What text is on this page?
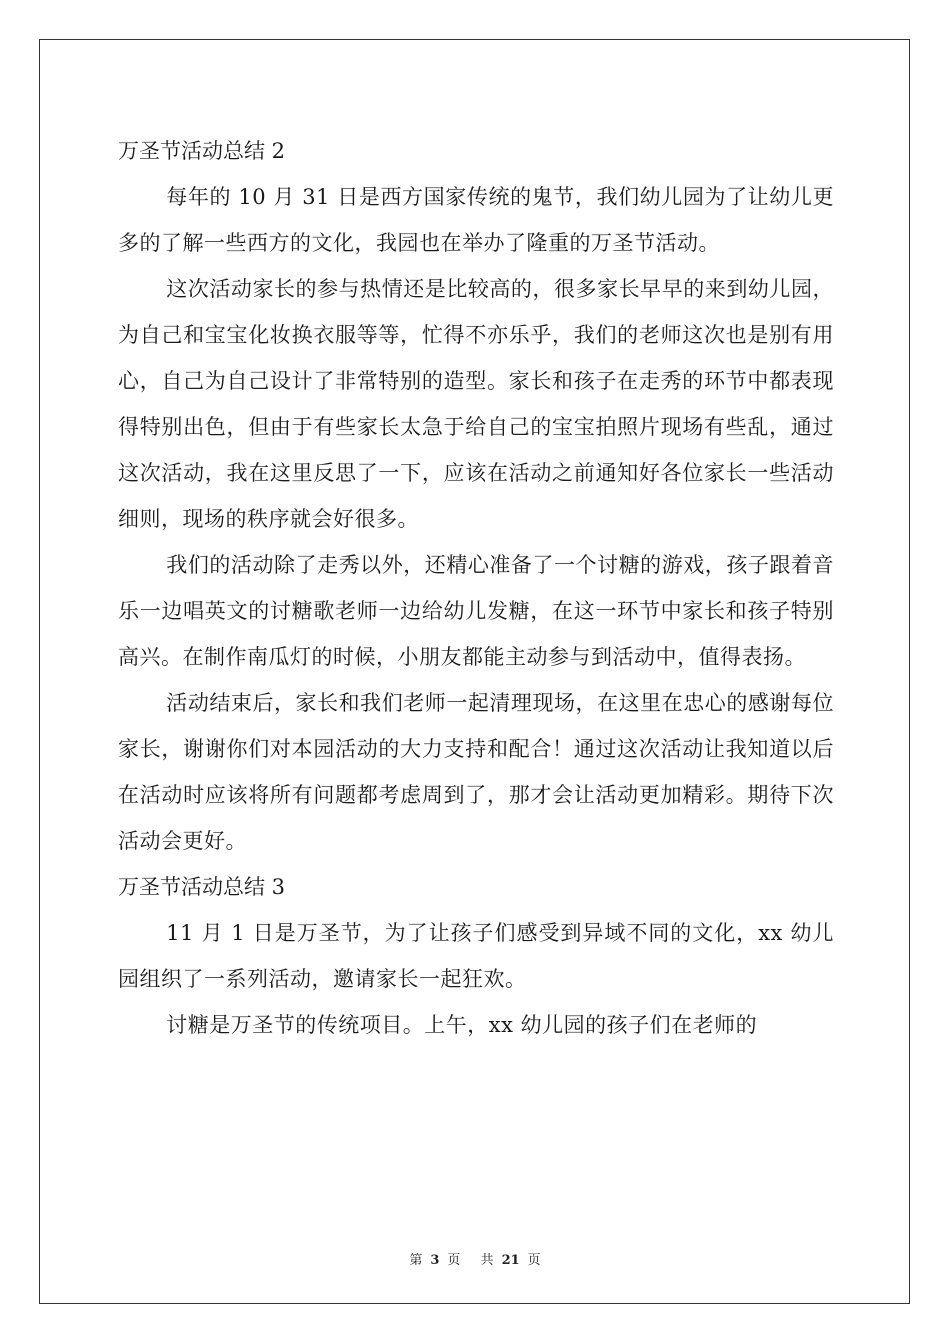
万圣节活动总结 2

每年的 10 月 31 日是西方国家传统的鬼节，我们幼儿园为了让幼儿更多的了解一些西方的文化，我园也在举办了隆重的万圣节活动。

这次活动家长的参与热情还是比较高的，很多家长早早的来到幼儿园，为自己和宝宝化妆换衣服等等，忙得不亦乐乎，我们的老师这次也是别有用心，自己为自己设计了非常特别的造型。家长和孩子在走秀的环节中都表现得特别出色，但由于有些家长太急于给自己的宝宝拍照片现场有些乱，通过这次活动，我在这里反思了一下，应该在活动之前通知好各位家长一些活动细则，现场的秩序就会好很多。

我们的活动除了走秀以外，还精心准备了一个讨糖的游戏，孩子跟着音乐一边唱英文的讨糖歌老师一边给幼儿发糖，在这一环节中家长和孩子特别高兴。在制作南瓜灯的时候，小朋友都能主动参与到活动中，值得表扬。

活动结束后，家长和我们老师一起清理现场，在这里在忠心的感谢每位家长，谢谢你们对本园活动的大力支持和配合！通过这次活动让我知道以后在活动时应该将所有问题都考虑周到了，那才会让活动更加精彩。期待下次活动会更好。

万圣节活动总结 3

11 月 1 日是万圣节，为了让孩子们感受到异域不同的文化，xx 幼儿园组织了一系列活动，邀请家长一起狂欢。

讨糖是万圣节的传统项目。上午，xx 幼儿园的孩子们在老师的

第 3 页 共 21 页
